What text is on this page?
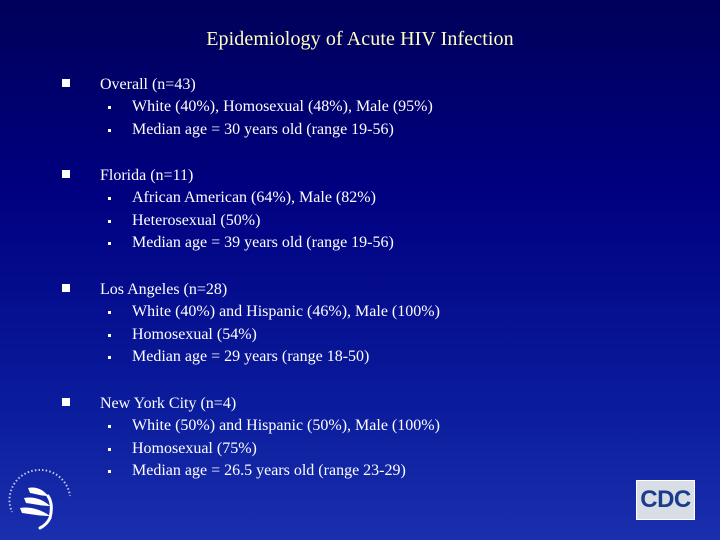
Epidemiology of Acute HIV Infection
Overall (n=43)
White (40%), Homosexual (48%), Male (95%)
Median age = 30 years old (range 19-56)
Florida (n=11)
African American (64%), Male (82%)
Heterosexual (50%)
Median age = 39 years old (range 19-56)
Los Angeles (n=28)
White (40%) and Hispanic (46%), Male (100%)
Homosexual (54%)
Median age = 29 years (range 18-50)
New York City (n=4)
White (50%) and Hispanic (50%), Male (100%)
Homosexual (75%)
Median age = 26.5 years old (range 23-29)
CDC
